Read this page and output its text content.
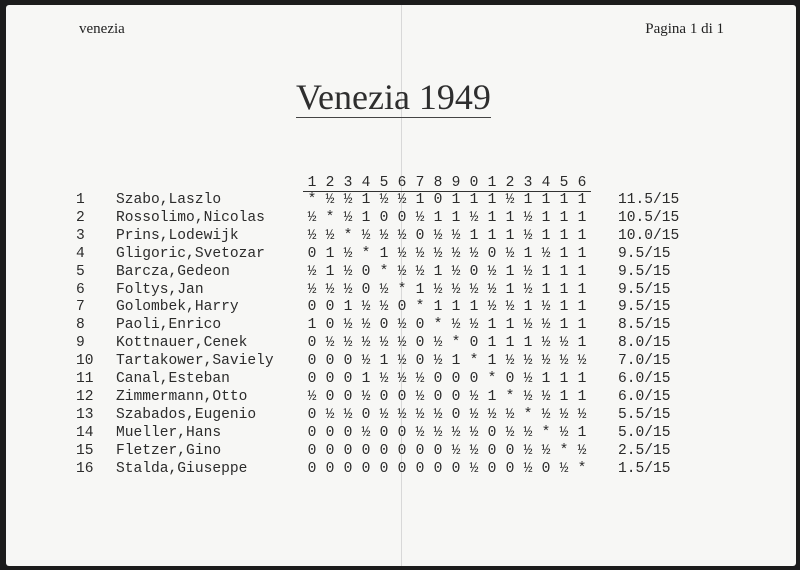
venezia	Pagina 1 di 1
Venezia 1949
1 2 3 4 5 6 7 8 9 0 1 2 3 4 5 6
1	Szabo,Laszlo	* ½ ½ 1 ½ ½ 1 0 1 1 1 ½ 1 1 1 1	11.5/15
2	Rossolimo,Nicolas	½ * ½ 1 0 0 ½ 1 1 ½ 1 1 ½ 1 1 1	10.5/15
3	Prins,Lodewijk	½ ½ * ½ ½ ½ 0 ½ ½ 1 1 1 ½ 1 1 1	10.0/15
4	Gligoric,Svetozar	0 1 ½ * 1 ½ ½ ½ ½ ½ 0 ½ 1 ½ 1 1	9.5/15
5	Barcza,Gedeon	½ 1 ½ 0 * ½ ½ 1 ½ 0 ½ 1 ½ 1 1 1	9.5/15
6	Foltys,Jan	½ ½ ½ 0 ½ * 1 ½ ½ ½ ½ 1 ½ 1 1 1	9.5/15
7	Golombek,Harry	0 0 1 ½ ½ 0 * 1 1 1 ½ ½ 1 ½ 1 1	9.5/15
8	Paoli,Enrico	1 0 ½ ½ 0 ½ 0 * ½ ½ 1 1 ½ ½ 1 1	8.5/15
9	Kottnauer,Cenek	0 ½ ½ ½ ½ ½ 0 ½ * 0 1 1 1 ½ ½ 1	8.0/15
10	Tartakower,Saviely	0 0 0 ½ 1 ½ 0 ½ 1 * 1 ½ ½ ½ ½ ½	7.0/15
11	Canal,Esteban	0 0 0 1 ½ ½ ½ 0 0 0 * 0 ½ 1 1 1	6.0/15
12	Zimmermann,Otto	½ 0 0 ½ 0 0 ½ 0 0 ½ 1 * ½ ½ 1 1	6.0/15
13	Szabados,Eugenio	0 ½ ½ 0 ½ ½ ½ ½ 0 ½ ½ ½ * ½ ½ ½	5.5/15
14	Mueller,Hans	0 0 0 ½ 0 0 ½ ½ ½ ½ 0 ½ ½ * ½ 1	5.0/15
15	Fletzer,Gino	0 0 0 0 0 0 0 0 ½ ½ 0 0 ½ ½ * ½	2.5/15
16	Stalda,Giuseppe	0 0 0 0 0 0 0 0 0 ½ 0 0 ½ 0 ½ *	1.5/15
